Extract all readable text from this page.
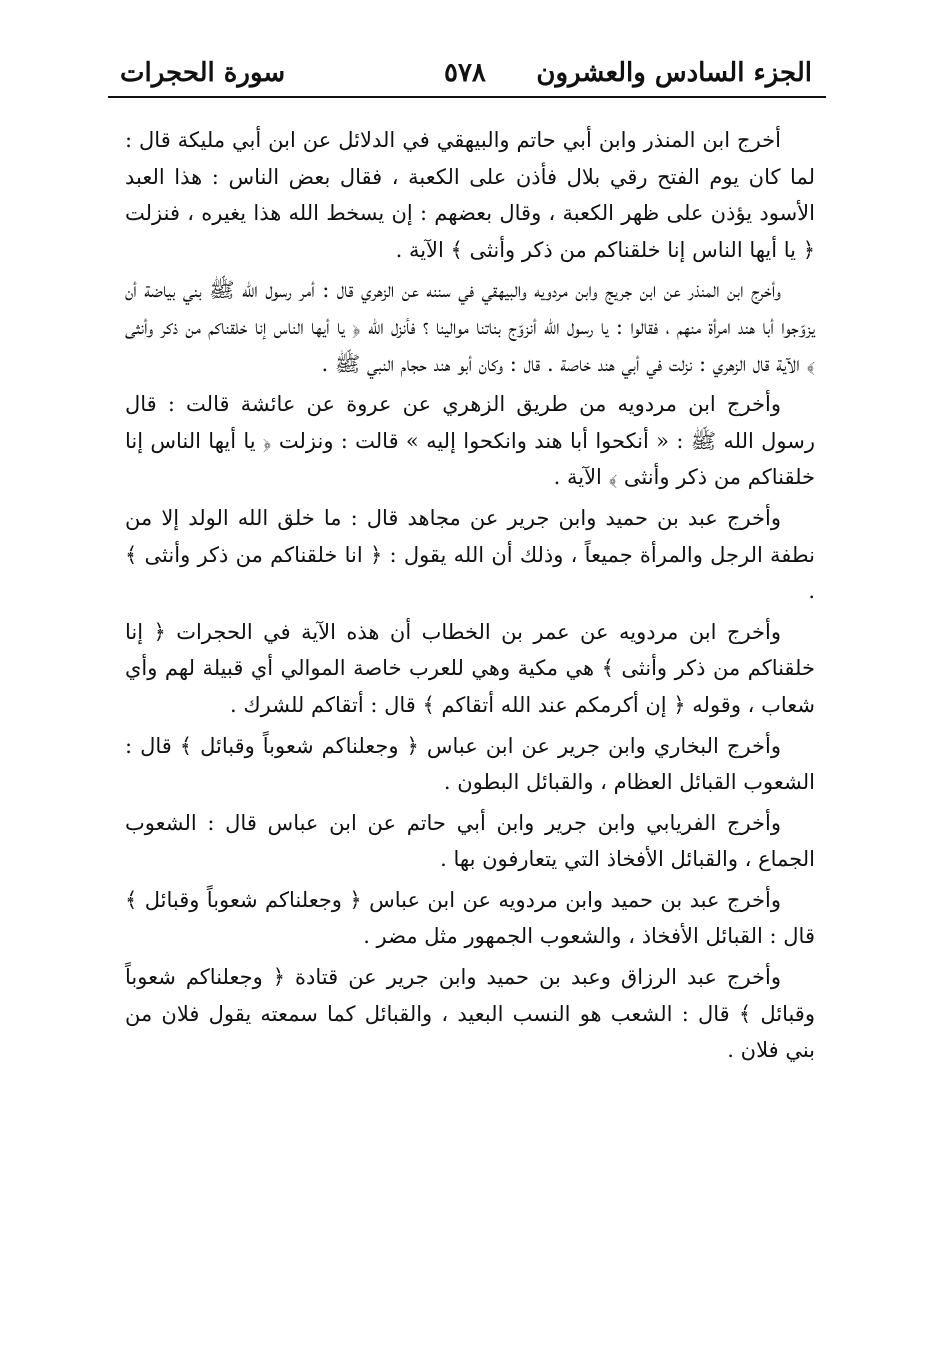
الجزء السادس والعشرون
٥٧٨
سورة الحجرات

أخرج ابن المنذر وابن أبي حاتم والبيهقي في الدلائل عن ابن أبي مليكة قال : لما كان يوم الفتح رقي بلال فأذن على الكعبة ، فقال بعض الناس : هذا العبد الأسود يؤذن على ظهر الكعبة ، وقال بعضهم : إن يسخط الله هذا يغيره ، فنزلت ﴿ يا أيها الناس إنا خلقناكم من ذكر وأنثى ﴾ الآية .

وأخرج ابن المنذر عن ابن جريج وابن مردويه والبيهقي في سننه عن الزهري قال : أمر رسول الله ﷺ بني بياضة أن يزوّجوا أبا هند امرأة منهم ، فقالوا : يا رسول الله أنزوّج بناتنا موالينا ؟ فأنزل الله ﴿ يا أيها الناس إنا خلقناكم من ذكر وأنثى ﴾ الآية قال الزهري : نزلت في أبي هند خاصة . قال : وكان أبو هند حجام النبي ﷺ .

وأخرج ابن مردويه من طريق الزهري عن عروة عن عائشة قالت : قال رسول الله ﷺ : « أنكحوا أبا هند وانكحوا إليه » قالت : ونزلت ﴿ يا أيها الناس إنا خلقناكم من ذكر وأنثى ﴾ الآية .

وأخرج عبد بن حميد وابن جرير عن مجاهد قال : ما خلق الله الولد إلا من نطفة الرجل والمرأة جميعاً ، وذلك أن الله يقول : ﴿ انا خلقناكم من ذكر وأنثى ﴾ .

وأخرج ابن مردويه عن عمر بن الخطاب أن هذه الآية في الحجرات ﴿ إنا خلقناكم من ذكر وأنثى ﴾ هي مكية وهي للعرب خاصة الموالي أي قبيلة لهم وأي شعاب ، وقوله ﴿ إن أكرمكم عند الله أتقاكم ﴾ قال : أتقاكم للشرك .

وأخرج البخاري وابن جرير عن ابن عباس ﴿ وجعلناكم شعوباً وقبائل ﴾ قال : الشعوب القبائل العظام ، والقبائل البطون .

وأخرج الفريابي وابن جرير وابن أبي حاتم عن ابن عباس قال : الشعوب الجماع ، والقبائل الأفخاذ التي يتعارفون بها .

وأخرج عبد بن حميد وابن مردويه عن ابن عباس ﴿ وجعلناكم شعوباً وقبائل ﴾ قال : القبائل الأفخاذ ، والشعوب الجمهور مثل مضر .

وأخرج عبد الرزاق وعبد بن حميد وابن جرير عن قتادة ﴿ وجعلناكم شعوباً وقبائل ﴾ قال : الشعب هو النسب البعيد ، والقبائل كما سمعته يقول فلان من بني فلان .
